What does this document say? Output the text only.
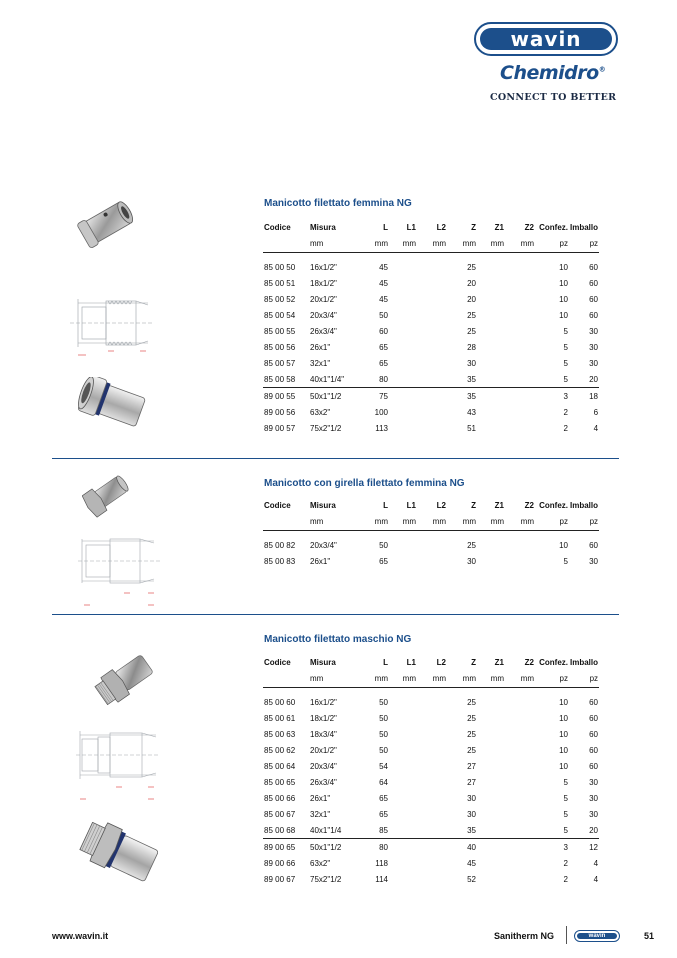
wavin
Chemidro®
CONNECT TO BETTER
Manicotto filettato femmina NG
Codice	Misura	L	L1	L2	Z	Z1	Z2	Confez.	Imballo
	mm	mm	mm	mm	mm	mm	mm	pz	pz

85 00 50	16x1/2"	45			25			10	60
85 00 51	18x1/2"	45			20			10	60
85 00 52	20x1/2"	45			20			10	60
85 00 54	20x3/4"	50			25			10	60
85 00 55	26x3/4"	60			25			5	30
85 00 56	26x1"	65			28			5	30
85 00 57	32x1"	65			30			5	30
85 00 58	40x1"1/4"	80			35			5	20
89 00 55	50x1"1/2	75			35			3	18
89 00 56	63x2"	100			43			2	6
89 00 57	75x2"1/2	113			51			2	4
Manicotto con girella filettato femmina NG
Codice	Misura	L	L1	L2	Z	Z1	Z2	Confez.	Imballo
	mm	mm	mm	mm	mm	mm	mm	pz	pz

85 00 82	20x3/4"	50			25			10	60
85 00 83	26x1"	65			30			5	30
Manicotto filettato maschio NG
Codice	Misura	L	L1	L2	Z	Z1	Z2	Confez.	Imballo
	mm	mm	mm	mm	mm	mm	mm	pz	pz

85 00 60	16x1/2"	50			25			10	60
85 00 61	18x1/2"	50			25			10	60
85 00 63	18x3/4"	50			25			10	60
85 00 62	20x1/2"	50			25			10	60
85 00 64	20x3/4"	54			27			10	60
85 00 65	26x3/4"	64			27			5	30
85 00 66	26x1"	65			30			5	30
85 00 67	32x1"	65			30			5	30
85 00 68	40x1"1/4	85			35			5	20
89 00 65	50x1"1/2	80			40			3	12
89 00 66	63x2"	118			45			2	4
89 00 67	75x2"1/2	114			52			2	4
www.wavin.it	Sanitherm NG	wavin	51
